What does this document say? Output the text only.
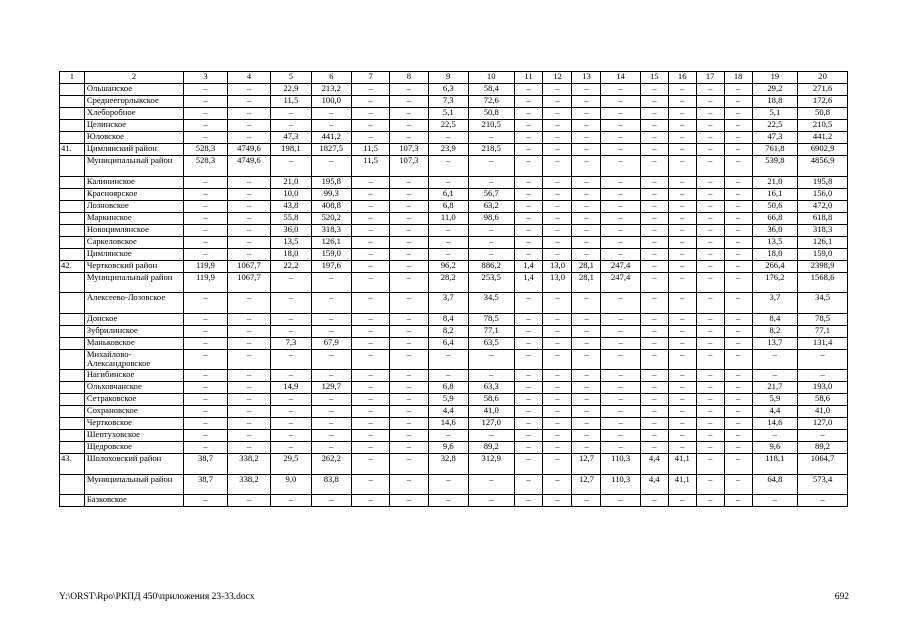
1	2	3	4	5	6	7	8	9	10	11	12	13	14	15	16	17	18	19	20
	Ольшанское	–	–	22,9	213,2	–	–	6,3	58,4	–	–	–	–	–	–	–	–	29,2	271,6
	Среднеегорлыкское	–	–	11,5	100,0	–	–	7,3	72,6	–	–	–	–	–	–	–	–	18,8	172,6
	Хлеборобное	–	–	–	–	–	–	5,1	50,8	–	–	–	–	–	–	–	–	5,1	50,8
	Целинское	–	–	–	–	–	–	22,5	210,5	–	–	–	–	–	–	–	–	22,5	210,5
	Юловское	–	–	47,3	441,2	–	–	–	–	–	–	–	–	–	–	–	–	47,3	441,2
41.	Цимлянский район	528,3	4749,6	198,1	1827,5	11,5	107,3	23,9	218,5	–	–	–	–	–	–	–	–	761,8	6902,9
	Муниципальный район	528,3	4749,6	–	–	11,5	107,3	–	–	–	–	–	–	–	–	–	–	539,8	4856,9
	Калининское	–	–	21,0	195,8	–	–	–	–	–	–	–	–	–	–	–	–	21,0	195,8
	Красноярское	–	–	10,0	99,3	–	–	6,1	56,7	–	–	–	–	–	–	–	–	16,1	156,0
	Лозновское	–	–	43,8	408,8	–	–	6,8	63,2	–	–	–	–	–	–	–	–	50,6	472,0
	Маркинское	–	–	55,8	520,2	–	–	11,0	98,6	–	–	–	–	–	–	–	–	66,8	618,8
	Новоцимлянское	–	–	36,0	318,3	–	–	–	–	–	–	–	–	–	–	–	–	36,0	318,3
	Саркеловское	–	–	13,5	126,1	–	–	–	–	–	–	–	–	–	–	–	–	13,5	126,1
	Цимлянское	–	–	18,0	159,0	–	–	–	–	–	–	–	–	–	–	–	–	18,0	159,0
42.	Чертковский район	119,9	1067,7	22,2	197,6	–	–	96,2	886,2	1,4	13,0	28,1	247,4	–	–	–	–	266,4	2398,9
	Муниципальный район	119,9	1067,7	–	–	–	–	28,2	253,5	1,4	13,0	28,1	247,4	–	–	–	–	176,2	1568,6
	Алексеево-Лозовское	–	–	–	–	–	–	3,7	34,5	–	–	–	–	–	–	–	–	3,7	34,5
	Донское	–	–	–	–	–	–	8,4	78,5	–	–	–	–	–	–	–	–	8,4	78,5
	Зубрилинское	–	–	–	–	–	–	8,2	77,1	–	–	–	–	–	–	–	–	8,2	77,1
	Маньковское	–	–	7,3	67,9	–	–	6,4	63,5	–	–	–	–	–	–	–	–	13,7	131,4
	Михайлово-Александровское	–	–	–	–	–	–	–	–	–	–	–	–	–	–	–	–	–	–
	Нагибинское	–	–	–	–	–	–	–	–	–	–	–	–	–	–	–	–	–	–
	Ольховчанское	–	–	14,9	129,7	–	–	6,8	63,3	–	–	–	–	–	–	–	–	21,7	193,0
	Сетраковское	–	–	–	–	–	–	5,9	58,6	–	–	–	–	–	–	–	–	5,9	58,6
	Сохрановское	–	–	–	–	–	–	4,4	41,0	–	–	–	–	–	–	–	–	4,4	41,0
	Чертковское	–	–	–	–	–	–	14,6	127,0	–	–	–	–	–	–	–	–	14,6	127,0
	Шептуховское	–	–	–	–	–	–	–	–	–	–	–	–	–	–	–	–	–	–
	Щедровское	–	–	–	–	–	–	9,6	89,2	–	–	–	–	–	–	–	–	9,6	89,2
43.	Шолоховский район	38,7	338,2	29,5	262,2	–	–	32,8	312,9	–	–	12,7	110,3	4,4	41,1	–	–	118,1	1064,7
	Муниципальный район	38,7	338,2	9,0	83,8	–	–	–	–	–	–	12,7	110,3	4,4	41,1	–	–	64,8	573,4
	Базковское	–	–	–	–	–	–	–	–	–	–	–	–	–	–	–	–	–	–
Y:\ORST\Rpo\РКПД 450\приложения 23-33.docx	692
